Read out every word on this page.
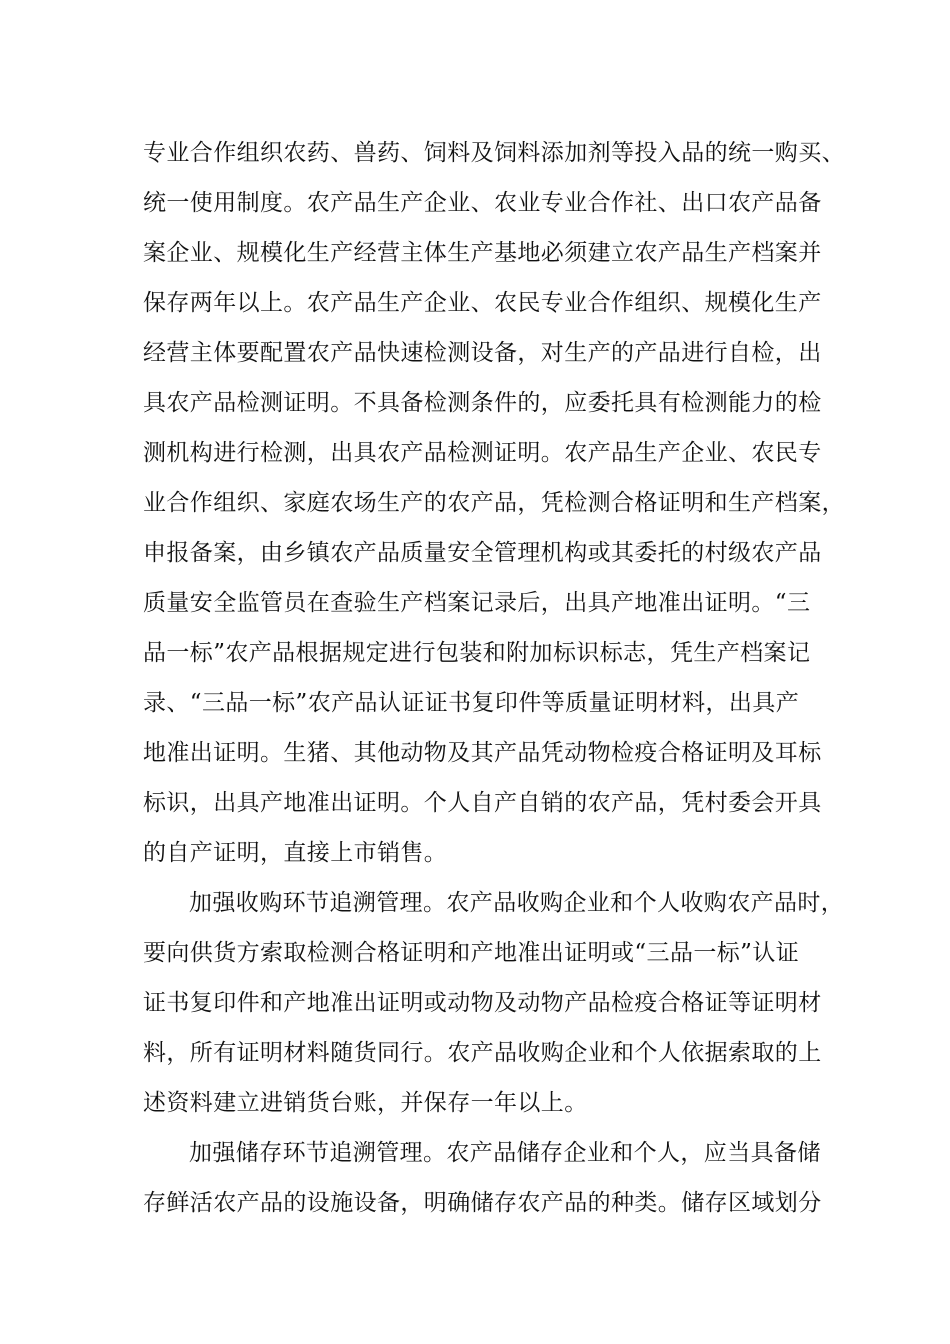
专业合作组织农药、兽药、饲料及饲料添加剂等投入品的统一购买、
统一使用制度。农产品生产企业、农业专业合作社、出口农产品备
案企业、规模化生产经营主体生产基地必须建立农产品生产档案并
保存两年以上。农产品生产企业、农民专业合作组织、规模化生产
经营主体要配置农产品快速检测设备，对生产的产品进行自检，出
具农产品检测证明。不具备检测条件的，应委托具有检测能力的检
测机构进行检测，出具农产品检测证明。农产品生产企业、农民专
业合作组织、家庭农场生产的农产品，凭检测合格证明和生产档案，
申报备案，由乡镇农产品质量安全管理机构或其委托的村级农产品
质量安全监管员在查验生产档案记录后，出具产地准出证明。“三
品一标”农产品根据规定进行包装和附加标识标志，凭生产档案记
录、“三品一标”农产品认证证书复印件等质量证明材料，出具产
地准出证明。生猪、其他动物及其产品凭动物检疫合格证明及耳标
标识，出具产地准出证明。个人自产自销的农产品，凭村委会开具
的自产证明，直接上市销售。
加强收购环节追溯管理。农产品收购企业和个人收购农产品时，
要向供货方索取检测合格证明和产地准出证明或“三品一标”认证
证书复印件和产地准出证明或动物及动物产品检疫合格证等证明材
料，所有证明材料随货同行。农产品收购企业和个人依据索取的上
述资料建立进销货台账，并保存一年以上。
加强储存环节追溯管理。农产品储存企业和个人，应当具备储
存鲜活农产品的设施设备，明确储存农产品的种类。储存区域划分
